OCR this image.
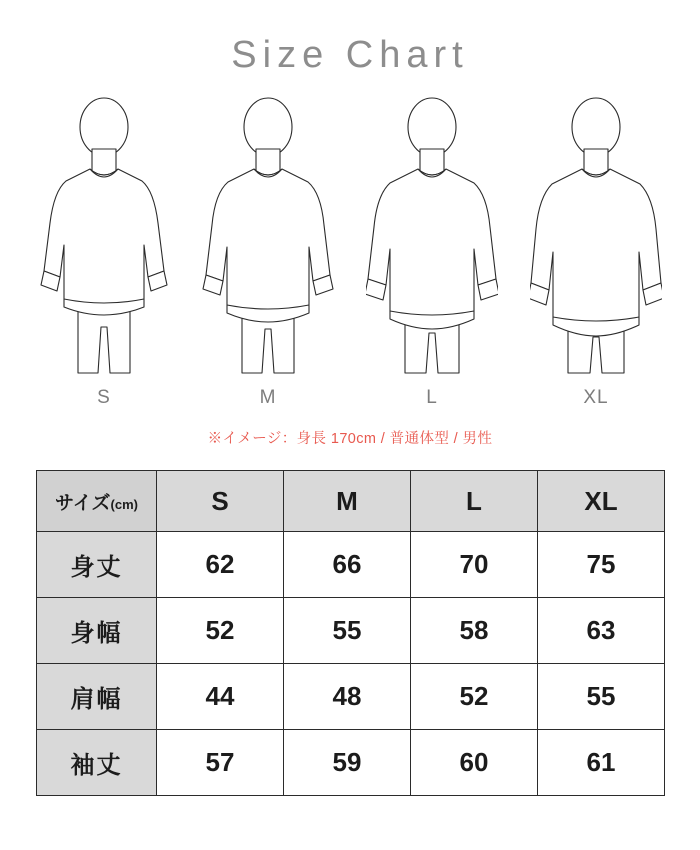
Size Chart
S	M	L	XL
※イメージ：身長 170cm / 普通体型 / 男性
サイズ(cm)	S	M	L	XL
身丈	62	66	70	75
身幅	52	55	58	63
肩幅	44	48	52	55
袖丈	57	59	60	61
